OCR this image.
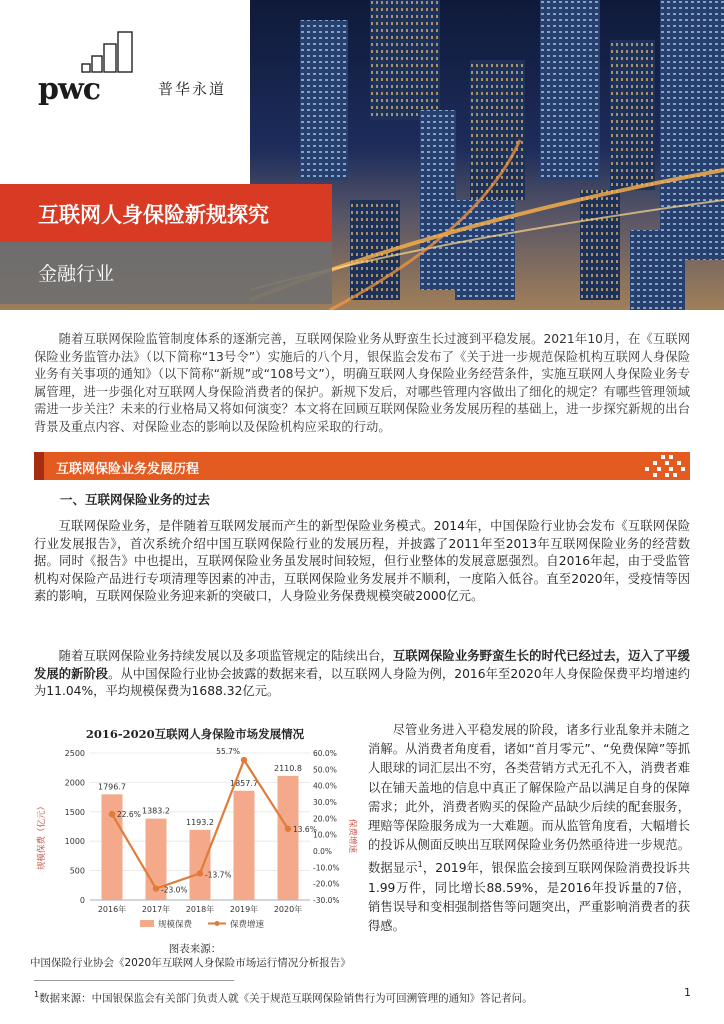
pwc	普华永道
互联网人身保险新规探究
金融行业

随着互联网保险监管制度体系的逐渐完善，互联网保险业务从野蛮生长过渡到平稳发展。2021年10月，在《互联网保险业务监管办法》（以下简称“13号令”）实施后的八个月，银保监会发布了《关于进一步规范保险机构互联网人身保险业务有关事项的通知》（以下简称“新规”或“108号文”），明确互联网人身保险业务经营条件，实施互联网人身保险业务专属管理，进一步强化对互联网人身保险消费者的保护。新规下发后，对哪些管理内容做出了细化的规定？有哪些管理领域需进一步关注？未来的行业格局又将如何演变？本文将在回顾互联网保险业务发展历程的基础上，进一步探究新规的出台背景及重点内容、对保险业态的影响以及保险机构应采取的行动。

互联网保险业务发展历程
一、互联网保险业务的过去

互联网保险业务，是伴随着互联网发展而产生的新型保险业务模式。2014年，中国保险行业协会发布《互联网保险行业发展报告》，首次系统介绍中国互联网保险行业的发展历程，并披露了2011年至2013年互联网保险业务的经营数据。同时《报告》中也提出，互联网保险业务虽发展时间较短，但行业整体的发展意愿强烈。自2016年起，由于受监管机构对保险产品进行专项清理等因素的冲击，互联网保险业务发展并不顺利，一度陷入低谷。直至2020年，受疫情等因素的影响，互联网保险业务迎来新的突破口，人身险业务保费规模突破2000亿元。

随着互联网保险业务持续发展以及多项监管规定的陆续出台，互联网保险业务野蛮生长的时代已经过去，迈入了平缓发展的新阶段。从中国保险行业协会披露的数据来看，以互联网人身险为例，2016年至2020年人身保险保费平均增速约为11.04%，平均规模保费为1688.32亿元。

2016-2020互联网人身保险市场发展情况
0
500
1000
1500
2000
2500
-30.0%
-20.0%
-10.0%
0.0%
10.0%
20.0%
30.0%
40.0%
50.0%
60.0%
规模保费（亿元）	保费增速
1796.7
1383.2
1193.2
1857.7
2110.8
2016年 2017年 2018年 2019年 2020年
22.6%
-23.0%
-13.7%
55.7%
13.6%
规模保费	保费增速
图表来源：
中国保险行业协会《2020年互联网人身保险市场运行情况分析报告》

尽管业务进入平稳发展的阶段，诸多行业乱象并未随之消解。从消费者角度看，诸如“首月零元”、“免费保障”等抓人眼球的词汇层出不穷，各类营销方式无孔不入，消费者难以在铺天盖地的信息中真正了解保险产品以满足自身的保障需求；此外，消费者购买的保险产品缺少后续的配套服务，理赔等保险服务成为一大难题。而从监管角度看，大幅增长的投诉从侧面反映出互联网保险业务仍然亟待进一步规范。数据显示$^1$，2019年，银保监会接到互联网保险消费投诉共1.99万件，同比增长88.59%，是2016年投诉量的7倍，销售误导和变相强制搭售等问题突出，严重影响消费者的获得感。

$^1$数据来源：中国银保监会有关部门负责人就《关于规范互联网保险销售行为可回溯管理的通知》答记者问。	1
